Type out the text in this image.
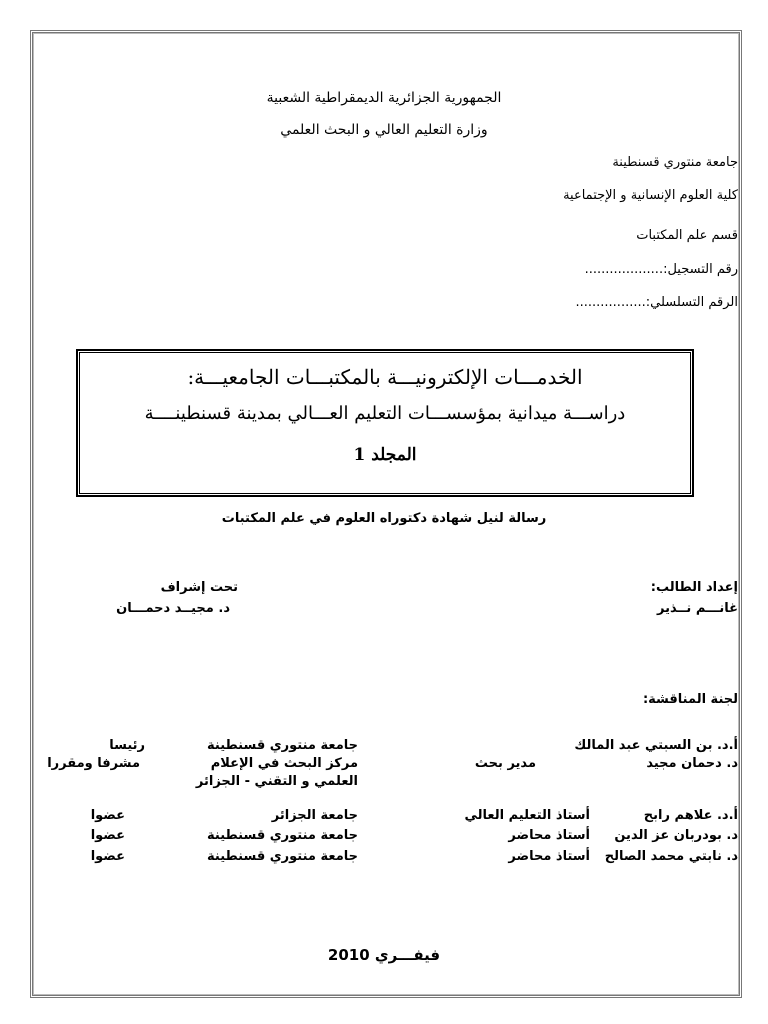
الجمهورية الجزائرية الديمقراطية الشعبية
وزارة التعليم العالي و البحث العلمي
جامعة منتوري قسنطينة
كلية العلوم الإنسانية و الإجتماعية
قسم علم المكتبات
رقم التسجيل:...................
الرقم التسلسلي:.................
الخدمـــات الإلكترونيـــة بالمكتبـــات الجامعيـــة:
دراســـة ميدانية بمؤسســـات التعليم العـــالي بمدينة قسنطينــــة
المجلد 1
رسالة لنيل شهادة دكتوراه العلوم في علم المكتبات
إعداد الطالب:
غانـــم نــذير
تحت إشراف
د. مجيــد دحمـــان
لجنة المناقشة:
أ.د. بن السبتي عبد المالك
جامعة منتوري قسنطينة
رئيسا
د. دحمان مجيد
مدير بحث
مركز البحث في الإعلام
العلمي و التقني - الجزائر
مشرفا ومقررا
أ.د. علاهم رابح
أستاذ التعليم العالي
جامعة الجزائر
عضوا
د. بودربان عز الدين
أستاذ محاضر
جامعة منتوري قسنطينة
عضوا
د. نابتي محمد الصالح
أستاذ محاضر
جامعة منتوري قسنطينة
عضوا
فيفـــري 2010
